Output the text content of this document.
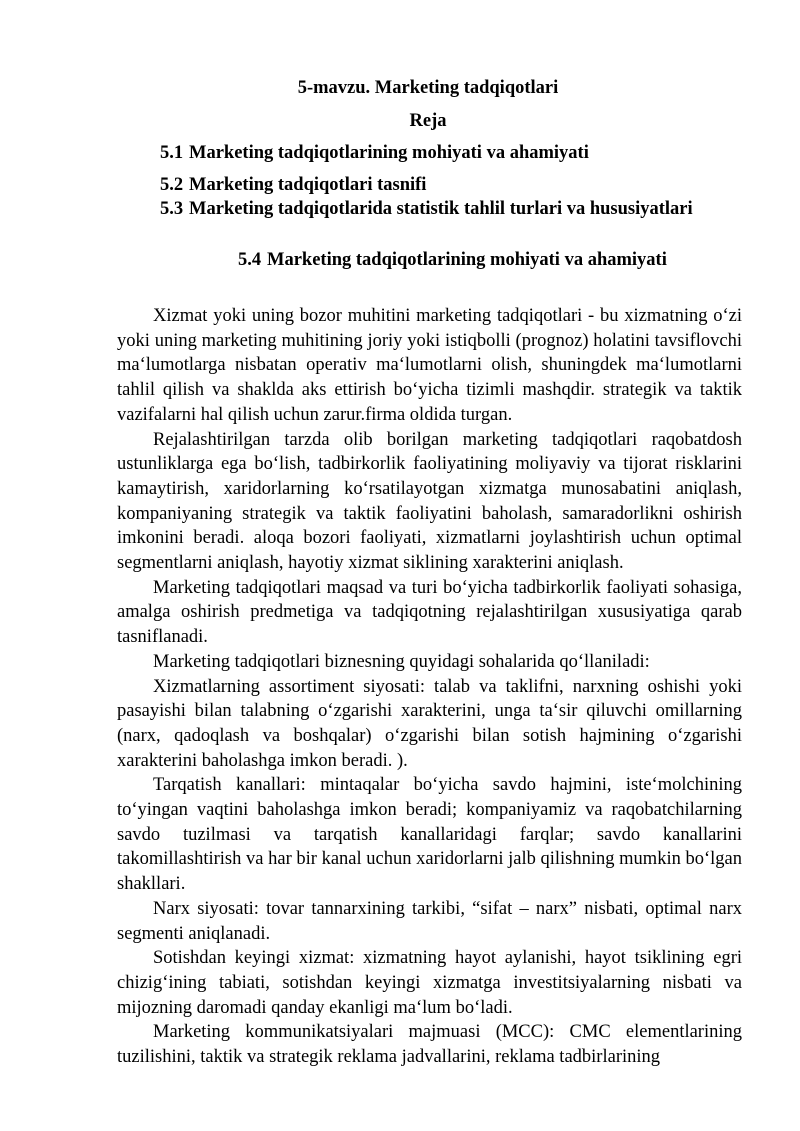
5-mavzu. Marketing tadqiqotlari
Reja
5.1 Marketing tadqiqotlarining mohiyati va ahamiyati
5.2 Marketing tadqiqotlari tasnifi
5.3 Marketing tadqiqotlarida statistik tahlil turlari va hususiyatlari
5.4 Marketing tadqiqotlarining mohiyati va ahamiyati

Xizmat yoki uning bozor muhitini marketing tadqiqotlari - bu xizmatning o‘zi yoki uning marketing muhitining joriy yoki istiqbolli (prognoz) holatini tavsiflovchi ma‘lumotlarga nisbatan operativ ma‘lumotlarni olish, shuningdek ma‘lumotlarni tahlil qilish va shaklda aks ettirish bo‘yicha tizimli mashqdir. strategik va taktik vazifalarni hal qilish uchun zarur.firma oldida turgan.

Rejalashtirilgan tarzda olib borilgan marketing tadqiqotlari raqobatdosh ustunliklarga ega bo‘lish, tadbirkorlik faoliyatining moliyaviy va tijorat risklarini kamaytirish, xaridorlarning ko‘rsatilayotgan xizmatga munosabatini aniqlash, kompaniyaning strategik va taktik faoliyatini baholash, samaradorlikni oshirish imkonini beradi. aloqa bozori faoliyati, xizmatlarni joylashtirish uchun optimal segmentlarni aniqlash, hayotiy xizmat siklining xarakterini aniqlash.

Marketing tadqiqotlari maqsad va turi bo‘yicha tadbirkorlik faoliyati sohasiga, amalga oshirish predmetiga va tadqiqotning rejalashtirilgan xususiyatiga qarab tasniflanadi.

Marketing tadqiqotlari biznesning quyidagi sohalarida qo‘llaniladi:

Xizmatlarning assortiment siyosati: talab va taklifni, narxning oshishi yoki pasayishi bilan talabning o‘zgarishi xarakterini, unga ta‘sir qiluvchi omillarning (narx, qadoqlash va boshqalar) o‘zgarishi bilan sotish hajmining o‘zgarishi xarakterini baholashga imkon beradi. ).

Tarqatish kanallari: mintaqalar bo‘yicha savdo hajmini, iste‘molchining to‘yingan vaqtini baholashga imkon beradi; kompaniyamiz va raqobatchilarning savdo tuzilmasi va tarqatish kanallaridagi farqlar; savdo kanallarini takomillashtirish va har bir kanal uchun xaridorlarni jalb qilishning mumkin bo‘lgan shakllari.

Narx siyosati: tovar tannarxining tarkibi, “sifat – narx” nisbati, optimal narx segmenti aniqlanadi.

Sotishdan keyingi xizmat: xizmatning hayot aylanishi, hayot tsiklining egri chizig‘ining tabiati, sotishdan keyingi xizmatga investitsiyalarning nisbati va mijozning daromadi qanday ekanligi ma‘lum bo‘ladi.

Marketing kommunikatsiyalari majmuasi (MCC): CMC elementlarining tuzilishini, taktik va strategik reklama jadvallarini, reklama tadbirlarining
